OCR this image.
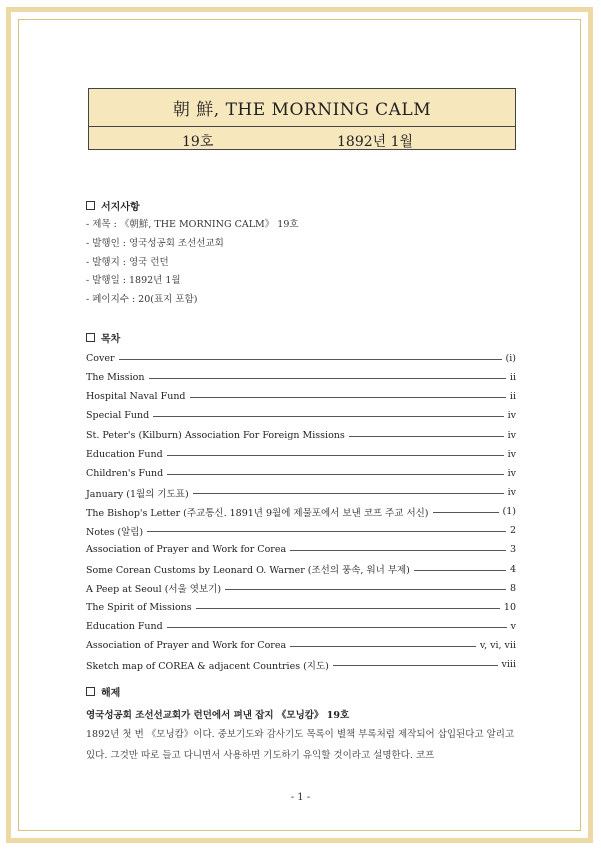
朝 鮮, THE MORNING CALM
19호	1892년 1월
서지사항
- 제목 : 《朝鮮, THE MORNING CALM》 19호
- 발행인 : 영국성공회 조선선교회
- 발행지 : 영국 런던
- 발행일 : 1892년 1월
- 페이지수 : 20(표지 포함)
목차
Cover	(i)
The Mission	ii
Hospital Naval Fund	ii
Special Fund	iv
St. Peter's (Kilburn) Association For Foreign Missions	iv
Education Fund	iv
Children's Fund	iv
January (1월의 기도표)	iv
The Bishop's Letter (주교통신. 1891년 9월에 제물포에서 보낸 코프 주교 서신)	(1)
Notes (알림)	2
Association of Prayer and Work for Corea	3
Some Corean Customs by Leonard O. Warner (조선의 풍속, 워너 부제)	4
A Peep at Seoul (서울 엿보기)	8
The Spirit of Missions	10
Education Fund	v
Association of Prayer and Work for Corea	v, vi, vii
Sketch map of COREA & adjacent Countries (지도)	viii
해제
영국성공회 조선선교회가 런던에서 펴낸 잡지 《모닝캄》 19호
1892년 첫 번 《모닝캄》이다. 중보기도와 감사기도 목록이 별책 부록처럼 제작되어 삽입된다고 알리고 있다. 그것만 따로 들고 다니면서 사용하면 기도하기 유익할 것이라고 설명한다. 코프
- 1 -
